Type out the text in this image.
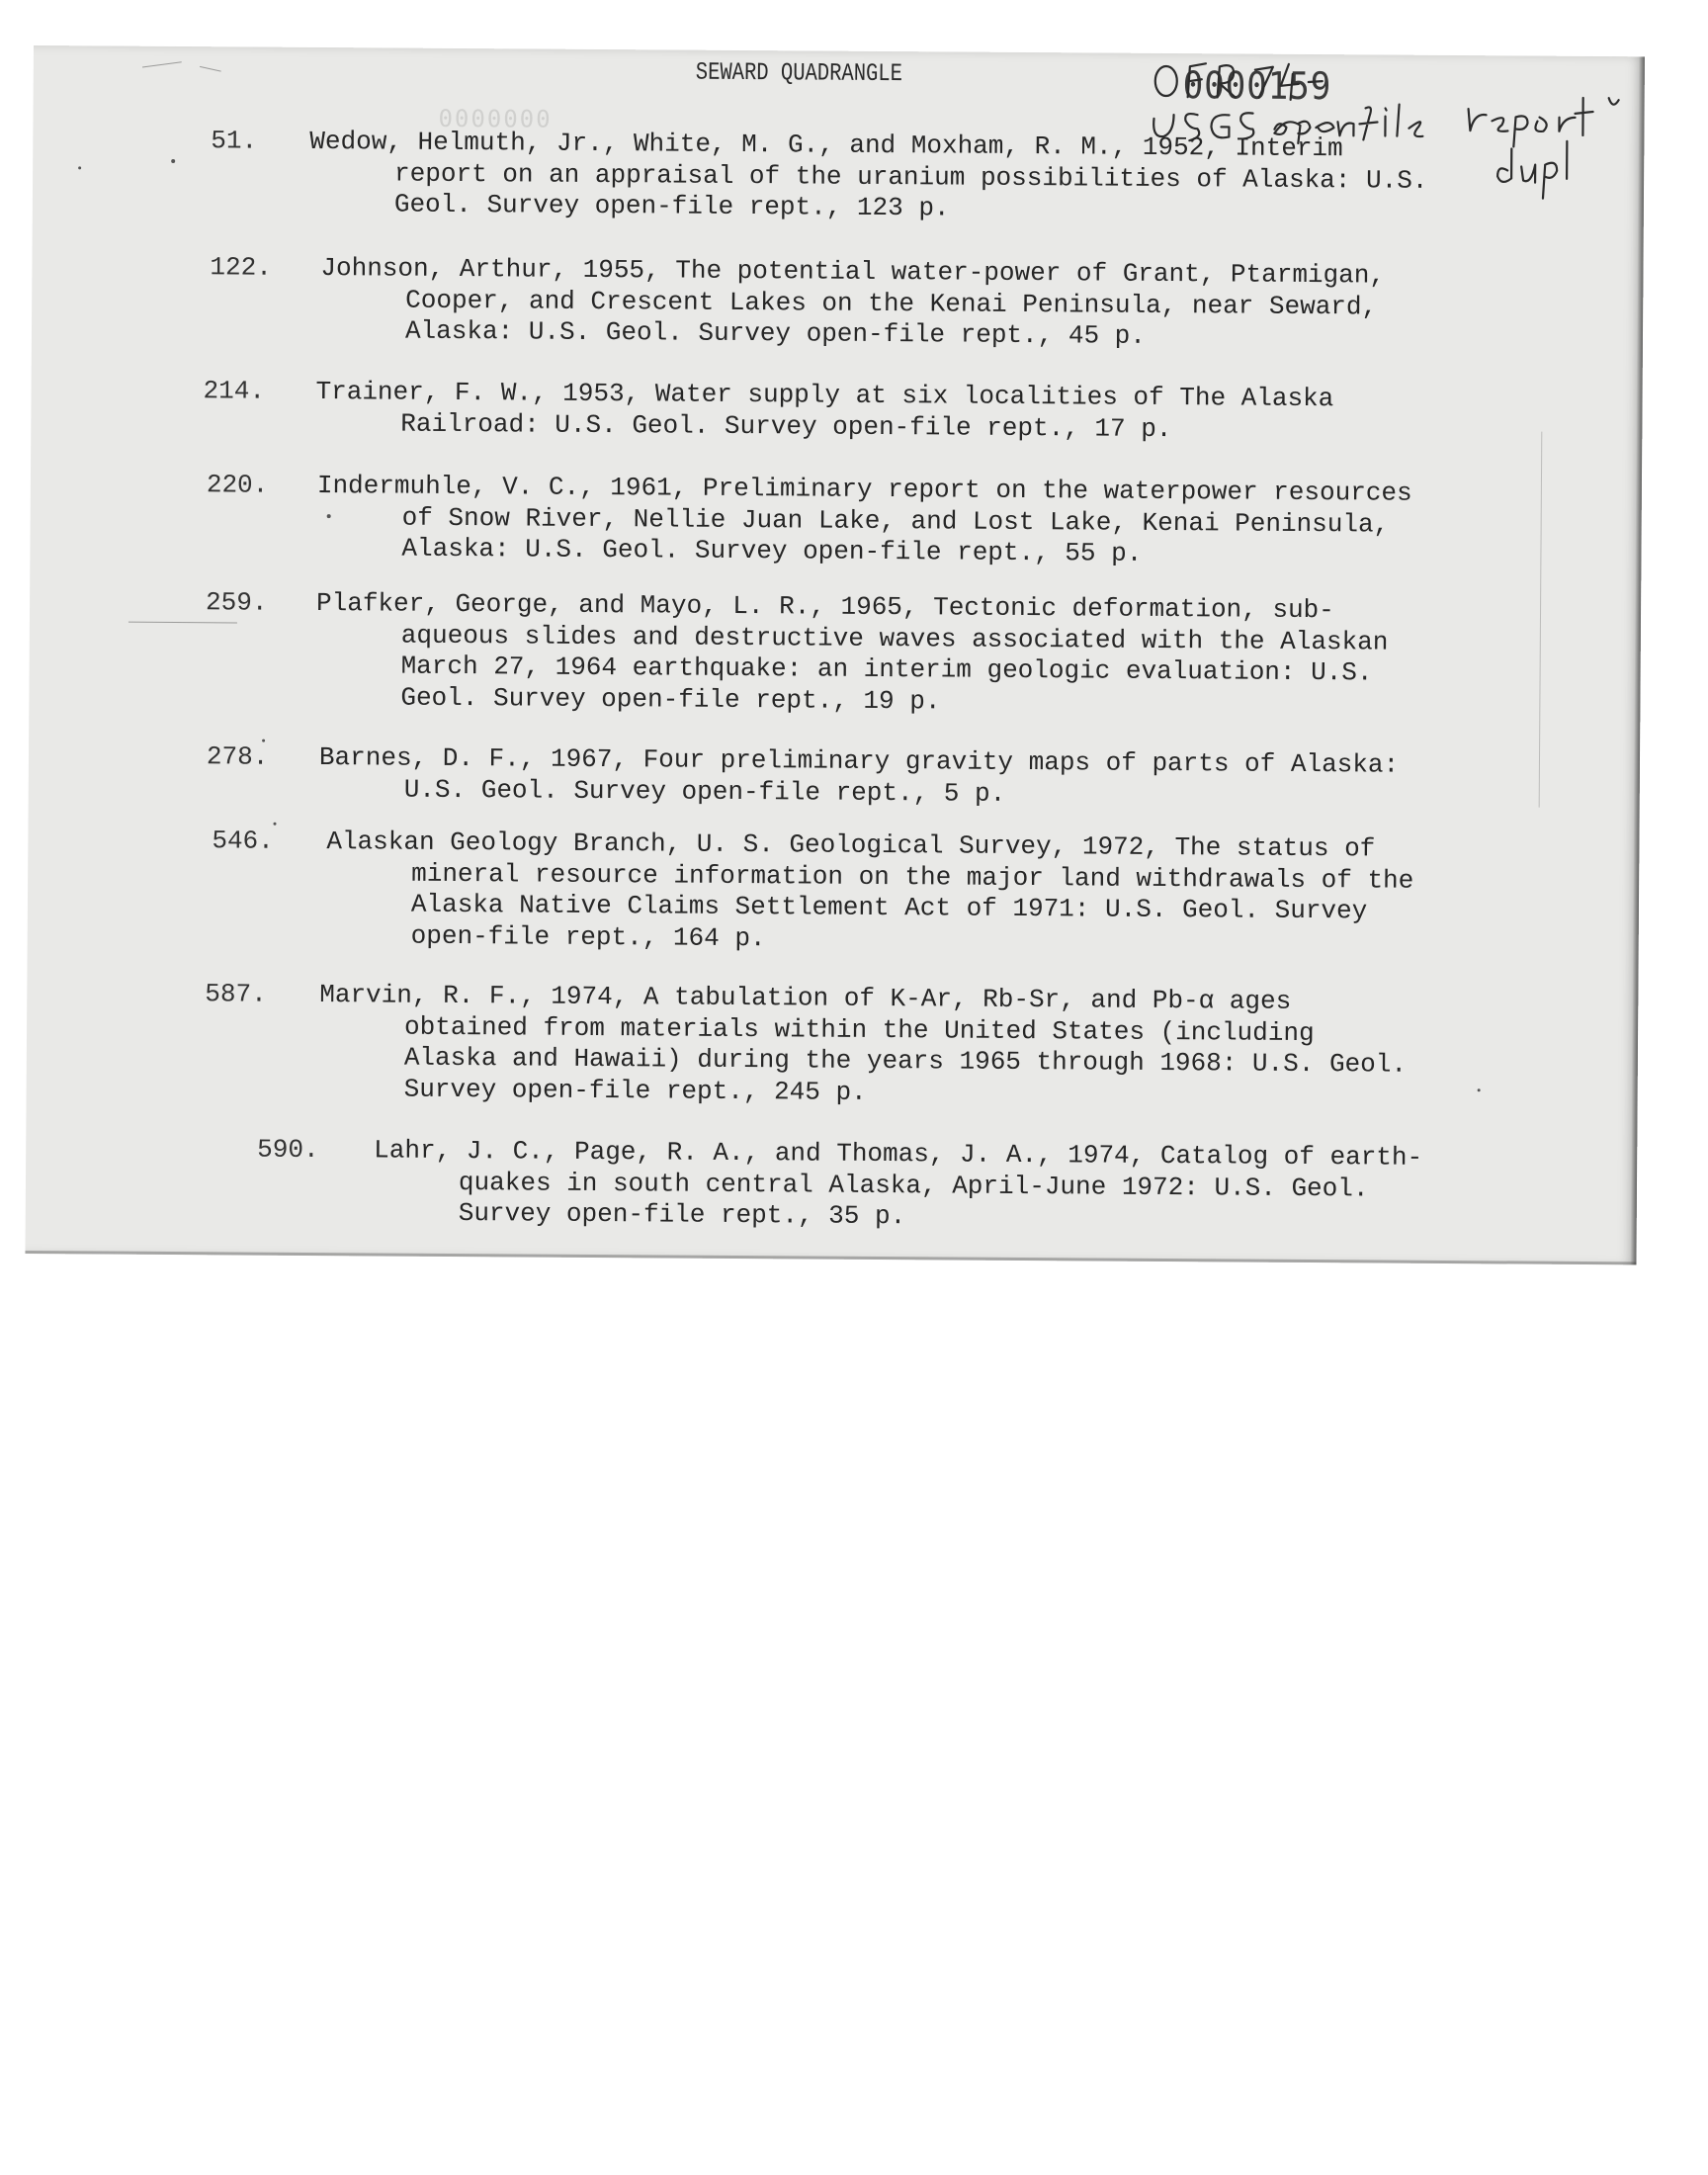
SEWARD QUADRANGLE	0000159
0000000
51. Wedow, Helmuth, Jr., White, M. G., and Moxham, R. M., 1952, Interim
report on an appraisal of the uranium possibilities of Alaska: U.S.
Geol. Survey open-file rept., 123 p.
122. Johnson, Arthur, 1955, The potential water-power of Grant, Ptarmigan,
Cooper, and Crescent Lakes on the Kenai Peninsula, near Seward,
Alaska: U.S. Geol. Survey open-file rept., 45 p.
214. Trainer, F. W., 1953, Water supply at six localities of The Alaska
Railroad: U.S. Geol. Survey open-file rept., 17 p.
220. Indermuhle, V. C., 1961, Preliminary report on the waterpower resources
of Snow River, Nellie Juan Lake, and Lost Lake, Kenai Peninsula,
Alaska: U.S. Geol. Survey open-file rept., 55 p.
259. Plafker, George, and Mayo, L. R., 1965, Tectonic deformation, sub-
aqueous slides and destructive waves associated with the Alaskan
March 27, 1964 earthquake: an interim geologic evaluation: U.S.
Geol. Survey open-file rept., 19 p.
278. Barnes, D. F., 1967, Four preliminary gravity maps of parts of Alaska:
U.S. Geol. Survey open-file rept., 5 p.
546. Alaskan Geology Branch, U. S. Geological Survey, 1972, The status of
mineral resource information on the major land withdrawals of the
Alaska Native Claims Settlement Act of 1971: U.S. Geol. Survey
open-file rept., 164 p.
587. Marvin, R. F., 1974, A tabulation of K-Ar, Rb-Sr, and Pb-α ages
obtained from materials within the United States (including
Alaska and Hawaii) during the years 1965 through 1968: U.S. Geol.
Survey open-file rept., 245 p.
590. Lahr, J. C., Page, R. A., and Thomas, J. A., 1974, Catalog of earth-
quakes in south central Alaska, April-June 1972: U.S. Geol.
Survey open-file rept., 35 p.
